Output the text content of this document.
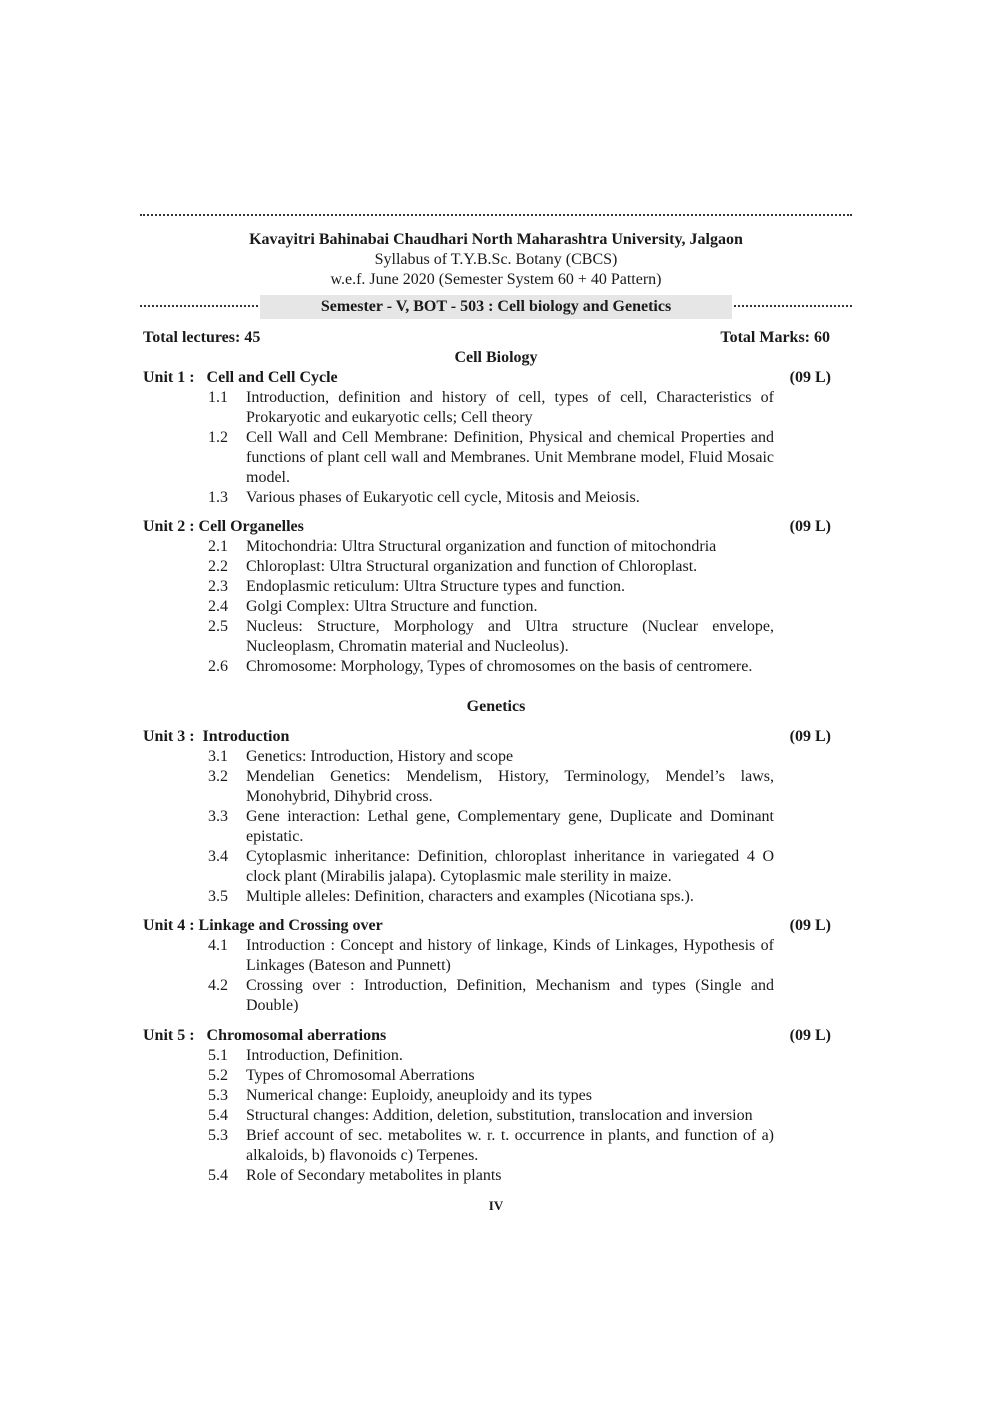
Kavayitri Bahinabai Chaudhari North Maharashtra University, Jalgaon
Syllabus of T.Y.B.Sc. Botany (CBCS)
w.e.f. June 2020 (Semester System 60 + 40 Pattern)
Semester - V, BOT - 503 : Cell biology and Genetics
Total lectures: 45	Total Marks: 60
Cell Biology
Unit 1 :   Cell and Cell Cycle	(09 L)
1.1	Introduction, definition and history of cell, types of cell, Characteristics of Prokaryotic and eukaryotic cells; Cell theory
1.2	Cell Wall and Cell Membrane: Definition, Physical and chemical Properties and functions of plant cell wall and Membranes. Unit Membrane model, Fluid Mosaic model.
1.3	Various phases of Eukaryotic cell cycle, Mitosis and Meiosis.
Unit 2 : Cell Organelles	(09 L)
2.1	Mitochondria: Ultra Structural organization and function of mitochondria
2.2	Chloroplast: Ultra Structural organization and function of Chloroplast.
2.3	Endoplasmic reticulum: Ultra Structure types and function.
2.4	Golgi Complex: Ultra Structure and function.
2.5	Nucleus: Structure, Morphology and Ultra structure (Nuclear envelope, Nucleoplasm, Chromatin material and Nucleolus).
2.6	Chromosome: Morphology, Types of chromosomes on the basis of centromere.
Genetics
Unit 3 :  Introduction	(09 L)
3.1	Genetics: Introduction, History and scope
3.2	Mendelian Genetics: Mendelism, History, Terminology, Mendel’s laws, Monohybrid, Dihybrid cross.
3.3	Gene interaction: Lethal gene, Complementary gene, Duplicate and Dominant epistatic.
3.4	Cytoplasmic inheritance: Definition, chloroplast inheritance in variegated 4 O clock plant (Mirabilis jalapa). Cytoplasmic male sterility in maize.
3.5	Multiple alleles: Definition, characters and examples (Nicotiana sps.).
Unit 4 : Linkage and Crossing over	(09 L)
4.1	Introduction : Concept and history of linkage, Kinds of Linkages, Hypothesis of Linkages (Bateson and Punnett)
4.2	Crossing over : Introduction, Definition, Mechanism and types (Single and Double)
Unit 5 :   Chromosomal aberrations	(09 L)
5.1	Introduction, Definition.
5.2	Types of Chromosomal Aberrations
5.3	Numerical change: Euploidy, aneuploidy and its types
5.4	Structural changes: Addition, deletion, substitution, translocation and inversion
5.3	Brief account of sec. metabolites w. r. t. occurrence in plants, and function of a) alkaloids, b) flavonoids c) Terpenes.
5.4	Role of Secondary metabolites in plants
IV
